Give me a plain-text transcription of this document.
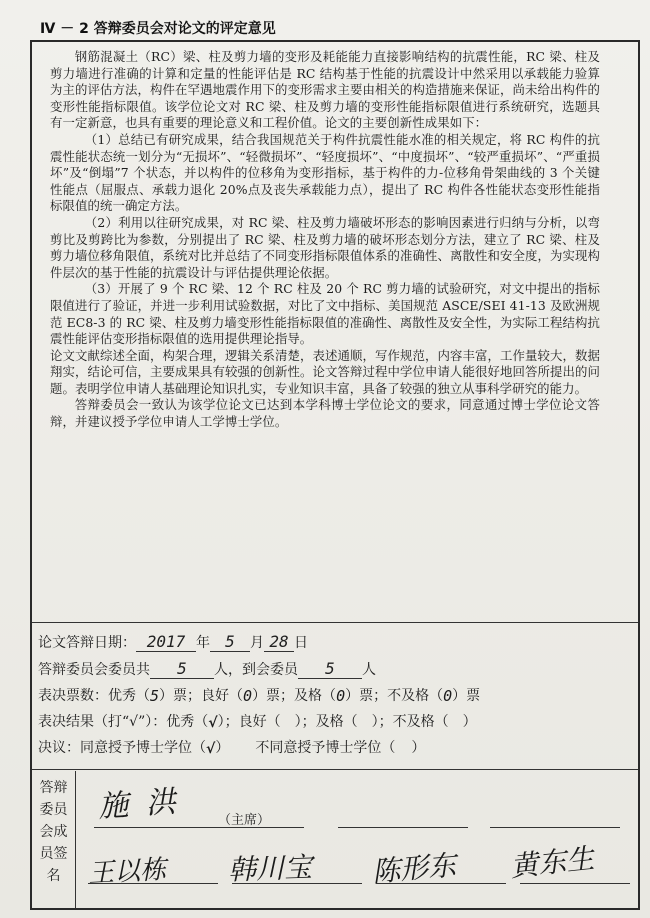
Ⅳ － 2 答辩委员会对论文的评定意见

钢筋混凝土（RC）梁、柱及剪力墙的变形及耗能能力直接影响结构的抗震性能，RC 梁、柱及剪力墙进行准确的计算和定量的性能评估是 RC 结构基于性能的抗震设计中然采用以承载能力验算为主的评估方法，构件在罕遇地震作用下的变形需求主要由相关的构造措施来保证，尚未给出构件的变形性能指标限值。该学位论文对 RC 梁、柱及剪力墙的变形性能指标限值进行系统研究，选题具有一定新意，也具有重要的理论意义和工程价值。论文的主要创新性成果如下：

（1）总结已有研究成果，结合我国规范关于构件抗震性能水准的相关规定，将 RC 构件的抗震性能状态统一划分为“无损坏”、“轻微损坏”、“轻度损坏”、“中度损坏”、“较严重损坏”、“严重损坏”及“倒塌”7 个状态，并以构件的位移角为变形指标，基于构件的力-位移角骨架曲线的 3 个关键性能点（屈服点、承载力退化 20%点及丧失承载能力点），提出了 RC 构件各性能状态变形性能指标限值的统一确定方法。

（2）利用以往研究成果，对 RC 梁、柱及剪力墙破坏形态的影响因素进行归纳与分析，以弯剪比及剪跨比为参数，分别提出了 RC 梁、柱及剪力墙的破坏形态划分方法，建立了 RC 梁、柱及剪力墙位移角限值，系统对比并总结了不同变形指标限值体系的准确性、离散性和安全度，为实现构件层次的基于性能的抗震设计与评估提供理论依据。

（3）开展了 9 个 RC 梁、12 个 RC 柱及 20 个 RC 剪力墙的试验研究，对文中提出的指标限值进行了验证，并进一步利用试验数据，对比了文中指标、美国规范 ASCE/SEI 41-13 及欧洲规范 EC8-3 的 RC 梁、柱及剪力墙变形性能指标限值的准确性、离散性及安全性，为实际工程结构抗震性能评估变形指标限值的选用提供理论指导。

论文文献综述全面，构架合理，逻辑关系清楚，表述通顺，写作规范，内容丰富，工作量较大，数据翔实，结论可信，主要成果具有较强的创新性。论文答辩过程中学位申请人能很好地回答所提出的问题。表明学位申请人基础理论知识扎实，专业知识丰富，具备了较强的独立从事科学研究的能力。

答辩委员会一致认为该学位论文已达到本学科博士学位论文的要求，同意通过博士学位论文答辩，并建议授予学位申请人工学博士学位。

论文答辩日期： 2017 年 5	月 28 日
答辩委员会委员共	5	人，到会委员	5	人
表决票数：优秀（ 5 ）票；良好（ 0 ）票；及格（ 0 ）票；不及格（ 0 ）票
表决结果（打“√”）：优秀（ √ ）；良好（ ）；及格（ ）；不及格（ ）
决议： 同意授予博士学位（ √ ） 不同意授予博士学位（ ）
答辩
委员
会成
员签
名
施 洪	（主席）
王以栋 韩川宝 陈形东 黄东生
